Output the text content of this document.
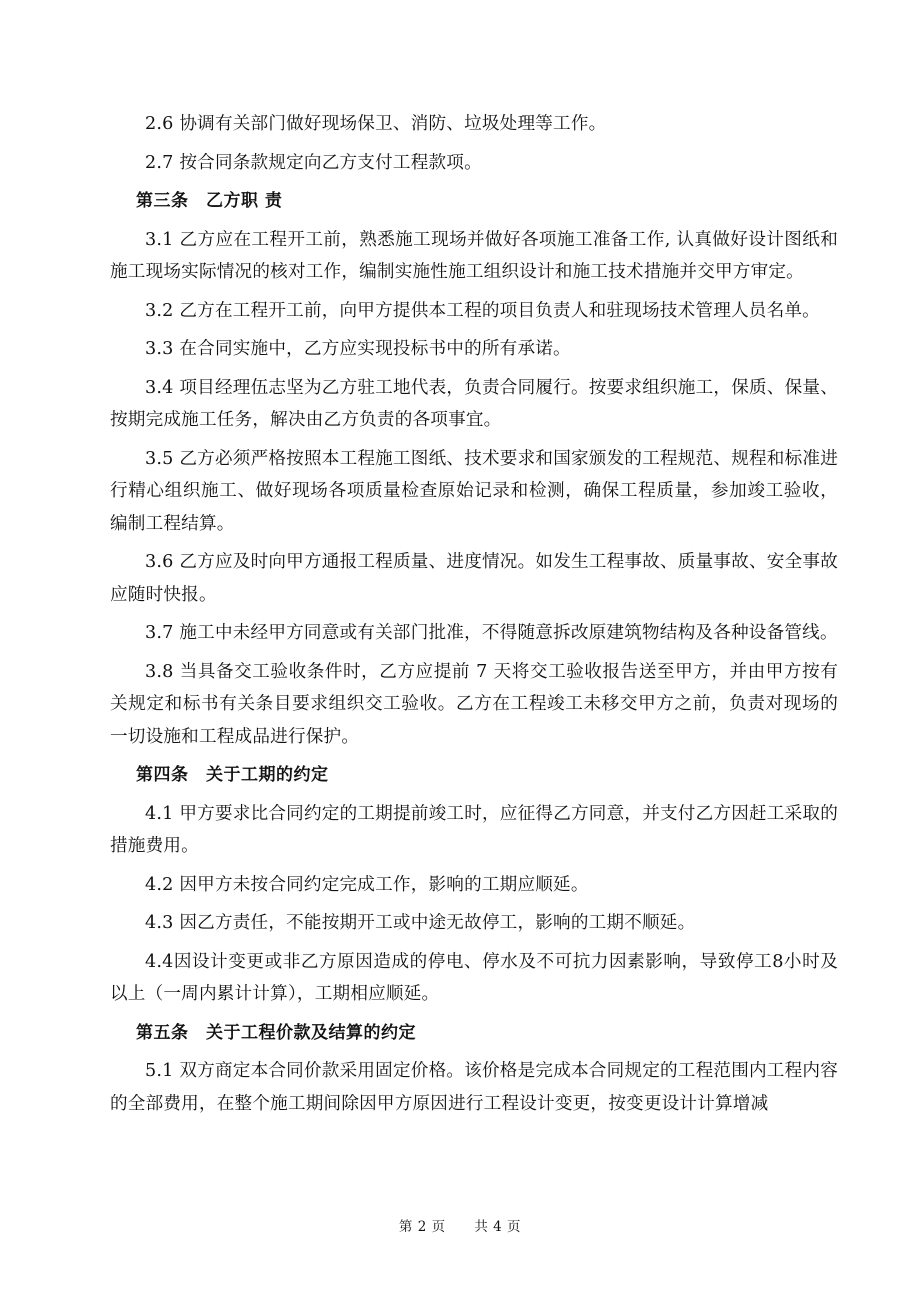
2.6 协调有关部门做好现场保卫、消防、垃圾处理等工作。

2.7 按合同条款规定向乙方支付工程款项。

第三条　乙方职 责

3.1 乙方应在工程开工前，熟悉施工现场并做好各项施工准备工作, 认真做好设计图纸和施工现场实际情况的核对工作，编制实施性施工组织设计和施工技术措施并交甲方审定。

3.2 乙方在工程开工前，向甲方提供本工程的项目负责人和驻现场技术管理人员名单。

3.3 在合同实施中，乙方应实现投标书中的所有承诺。

3.4 项目经理伍志坚为乙方驻工地代表，负责合同履行。按要求组织施工，保质、保量、按期完成施工任务，解决由乙方负责的各项事宜。

3.5 乙方必须严格按照本工程施工图纸、技术要求和国家颁发的工程规范、规程和标准进行精心组织施工、做好现场各项质量检查原始记录和检测，确保工程质量，参加竣工验收，编制工程结算。

3.6 乙方应及时向甲方通报工程质量、进度情况。如发生工程事故、质量事故、安全事故应随时快报。

3.7 施工中未经甲方同意或有关部门批准，不得随意拆改原建筑物结构及各种设备管线。

3.8 当具备交工验收条件时，乙方应提前 7 天将交工验收报告送至甲方，并由甲方按有关规定和标书有关条目要求组织交工验收。乙方在工程竣工未移交甲方之前，负责对现场的一切设施和工程成品进行保护。

第四条　关于工期的约定

4.1 甲方要求比合同约定的工期提前竣工时，应征得乙方同意，并支付乙方因赶工采取的措施费用。

4.2 因甲方未按合同约定完成工作，影响的工期应顺延。

4.3 因乙方责任，不能按期开工或中途无故停工，影响的工期不顺延。

4.4因设计变更或非乙方原因造成的停电、停水及不可抗力因素影响，导致停工8小时及以上（一周内累计计算），工期相应顺延。

第五条　关于工程价款及结算的约定

5.1 双方商定本合同价款采用固定价格。该价格是完成本合同规定的工程范围内工程内容的全部费用，在整个施工期间除因甲方原因进行工程设计变更，按变更设计计算增减

第 2 页 共 4 页
